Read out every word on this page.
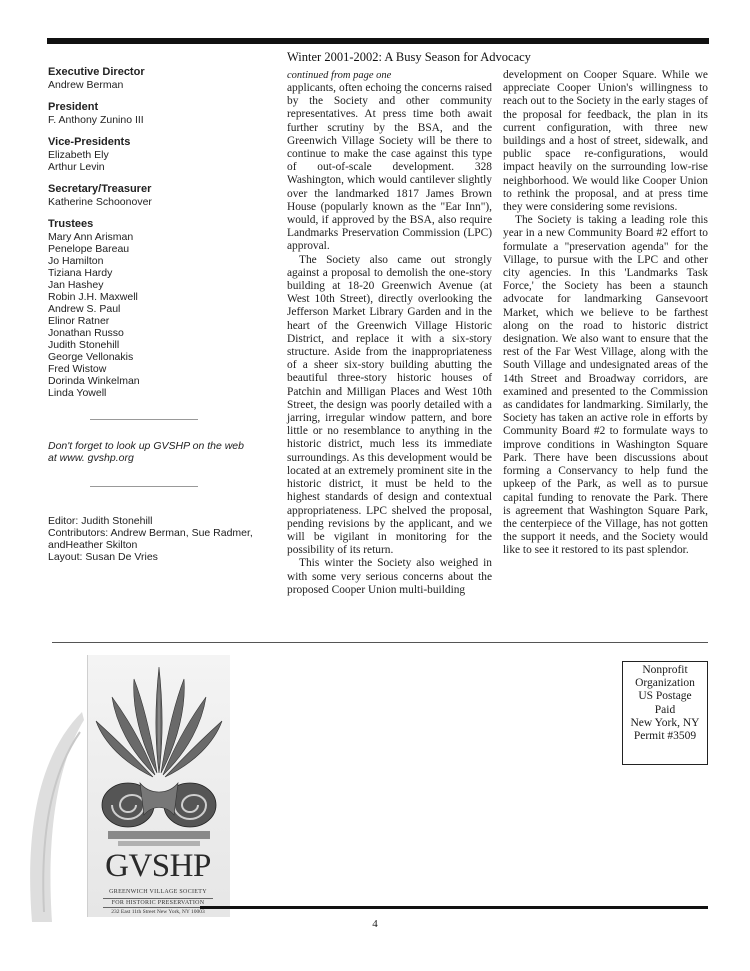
Executive Director
Andrew Berman
President
F. Anthony Zunino III
Vice-Presidents
Elizabeth Ely
Arthur Levin
Secretary/Treasurer
Katherine Schoonover
Trustees
Mary Ann Arisman
Penelope Bareau
Jo Hamilton
Tiziana Hardy
Jan Hashey
Robin J.H. Maxwell
Andrew S. Paul
Elinor Ratner
Jonathan Russo
Judith Stonehill
George Vellonakis
Fred Wistow
Dorinda Winkelman
Linda Yowell
Don't forget to look up GVSHP on the web
at www. gvshp.org
Editor: Judith Stonehill
Contributors: Andrew Berman, Sue Radmer,
andHeather Skilton
Layout: Susan De Vries
Winter 2001-2002: A Busy Season for Advocacy
continued from page one

applicants, often echoing the concerns raised by the Society and other community representatives. At press time both await further scrutiny by the BSA, and the Greenwich Village Society will be there to continue to make the case against this type of out-of-scale development. 328 Washington, which would cantilever slightly over the landmarked 1817 James Brown House (popularly known as the "Ear Inn"), would, if approved by the BSA, also require Landmarks Preservation Commission (LPC) approval.

The Society also came out strongly against a proposal to demolish the one-story building at 18-20 Greenwich Avenue (at West 10th Street), directly overlooking the Jefferson Market Library Garden and in the heart of the Greenwich Village Historic District, and replace it with a six-story structure. Aside from the inappropriateness of a sheer six-story building abutting the beautiful three-story historic houses of Patchin and Milligan Places and West 10th Street, the design was poorly detailed with a jarring, irregular window pattern, and bore little or no resemblance to anything in the historic district, much less its immediate surroundings. As this development would be located at an extremely prominent site in the historic district, it must be held to the highest standards of design and contextual appropriateness. LPC shelved the proposal, pending revisions by the applicant, and we will be vigilant in monitoring for the possibility of its return.

This winter the Society also weighed in with some very serious concerns about the proposed Cooper Union multi-building

development on Cooper Square. While we appreciate Cooper Union's willingness to reach out to the Society in the early stages of the proposal for feedback, the plan in its current configuration, with three new buildings and a host of street, sidewalk, and public space re-configurations, would impact heavily on the surrounding low-rise neighborhood. We would like Cooper Union to rethink the proposal, and at press time they were considering some revisions.

The Society is taking a leading role this year in a new Community Board #2 effort to formulate a "preservation agenda" for the Village, to pursue with the LPC and other city agencies. In this 'Landmarks Task Force,' the Society has been a staunch advocate for landmarking Gansevoort Market, which we believe to be farthest along on the road to historic district designation. We also want to ensure that the rest of the Far West Village, along with the South Village and undesignated areas of the 14th Street and Broadway corridors, are examined and presented to the Commission as candidates for landmarking. Similarly, the Society has taken an active role in efforts by Community Board #2 to formulate ways to improve conditions in Washington Square Park. There have been discussions about forming a Conservancy to help fund the upkeep of the Park, as well as to pursue capital funding to renovate the Park. There is agreement that Washington Square Park, the centerpiece of the Village, has not gotten the support it needs, and the Society would like to see it restored to its past splendor.

GVSHP
GREENWICH VILLAGE SOCIETY
FOR HISTORIC PRESERVATION
232 East 11th Street New York, NY 10003
Nonprofit
Organization
US Postage
Paid
New York, NY
Permit #3509
4
